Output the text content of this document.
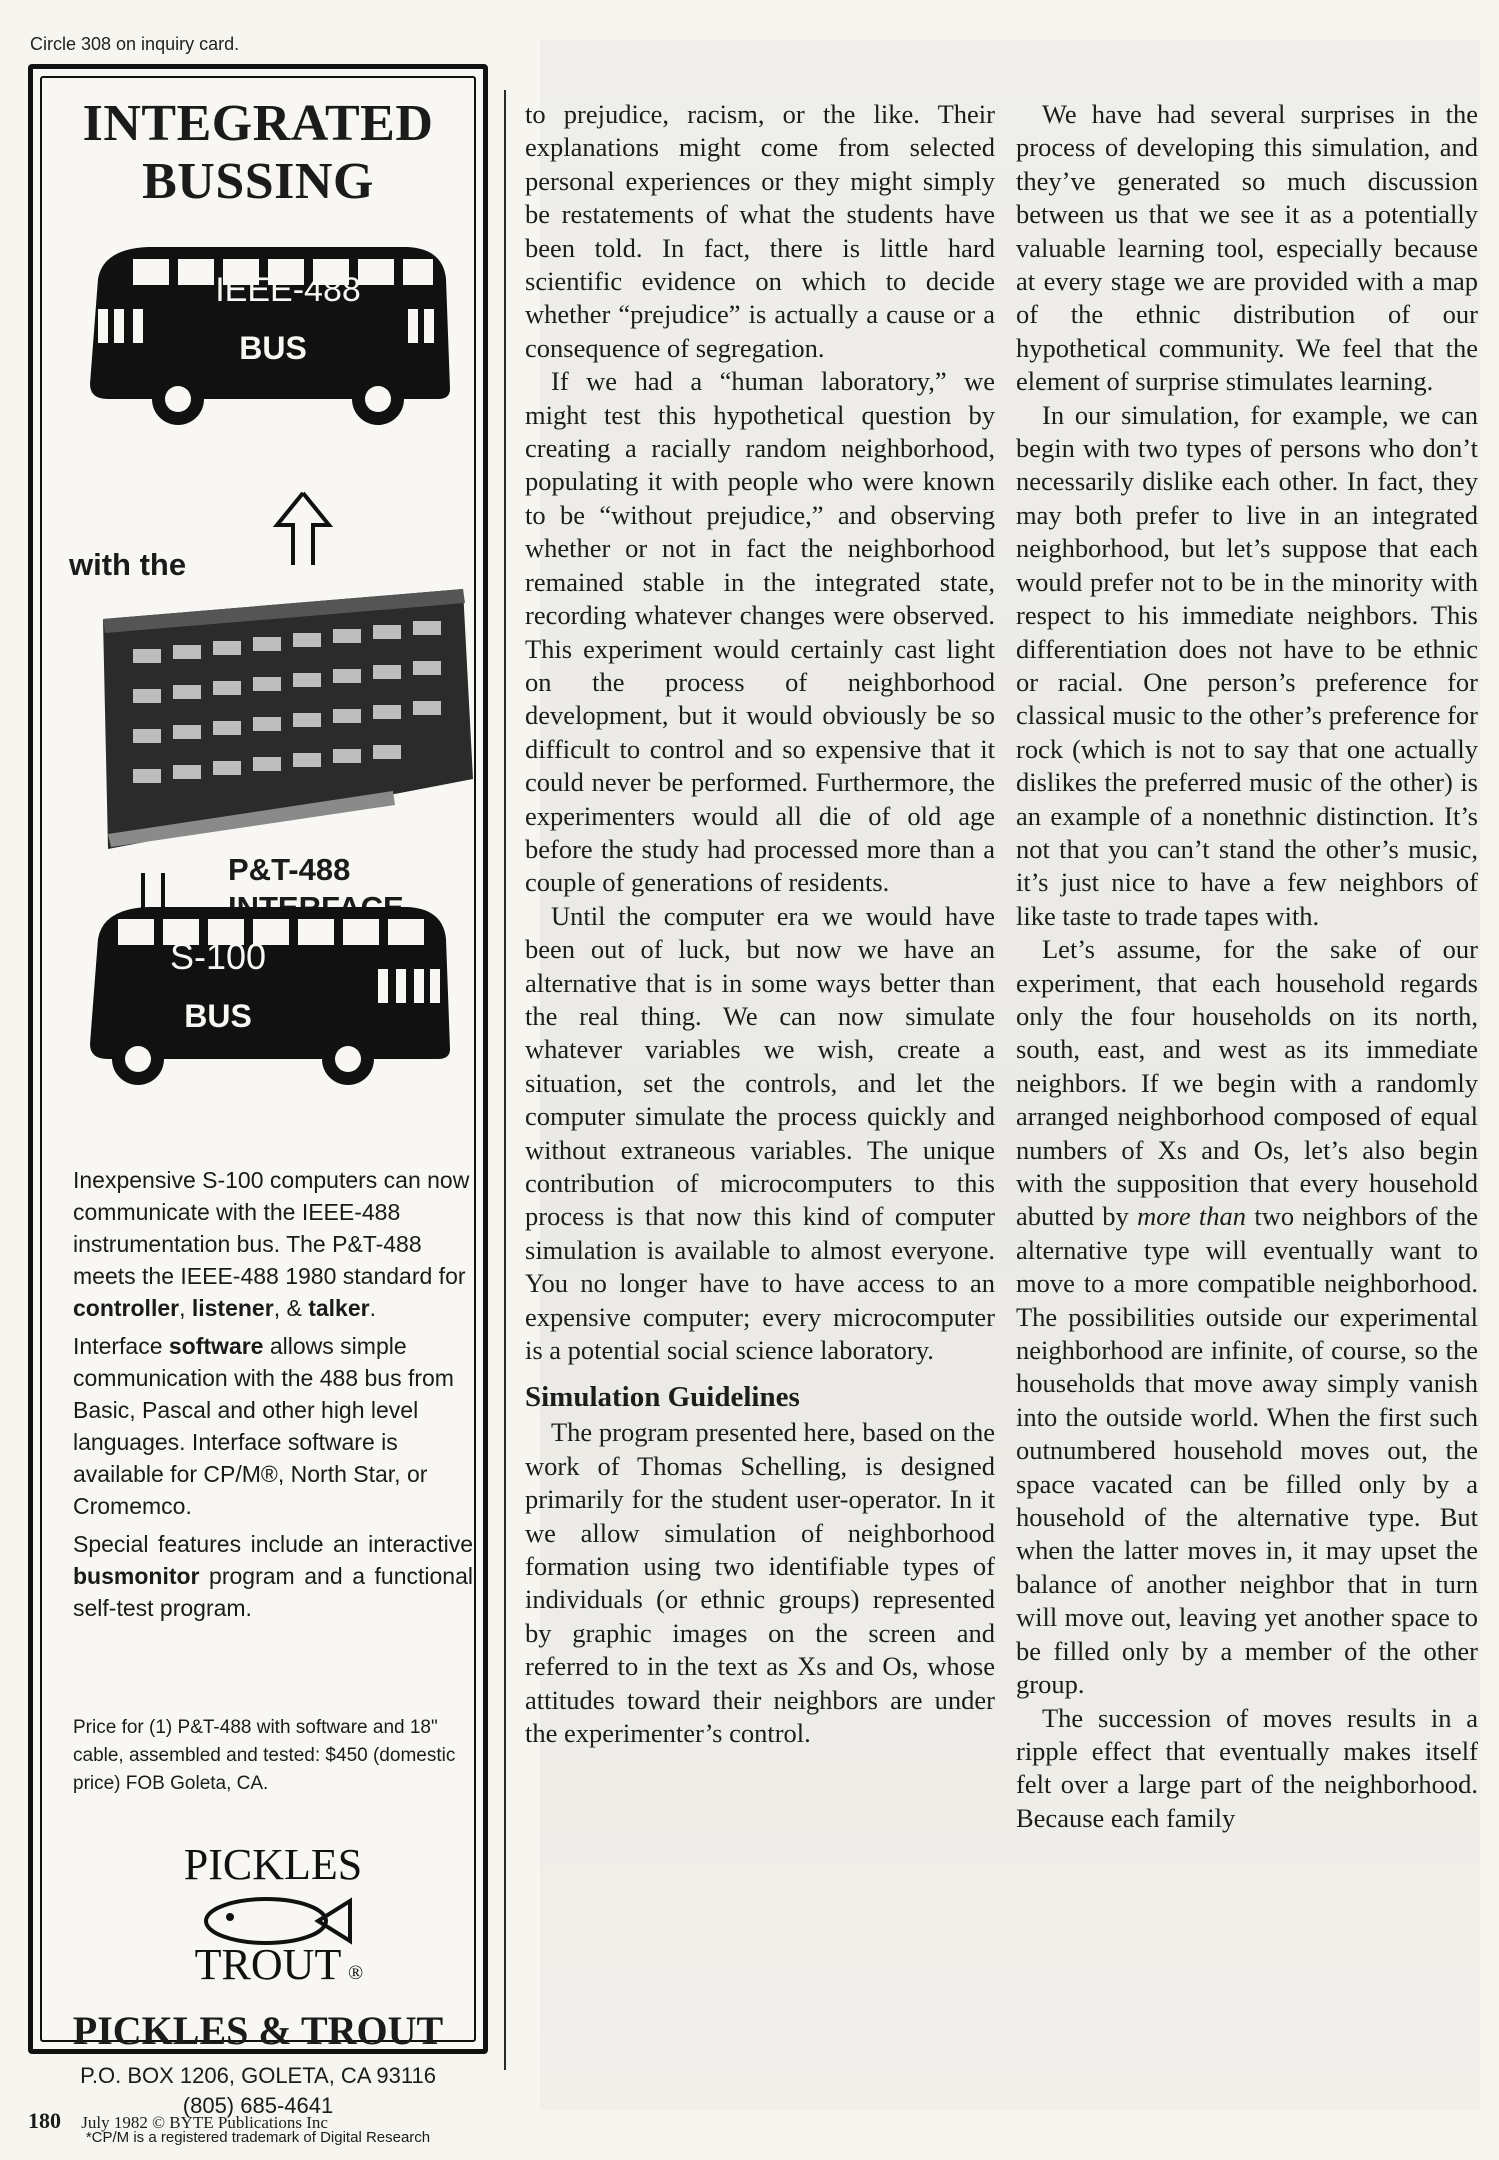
Circle 308 on inquiry card.
INTEGRATED
BUSSING
IEEE-488
BUS
with the
P&T-488
S-100
BUS

Inexpensive S-100 computers can now communicate with the IEEE-488 instrumentation bus. The P&T-488 meets the IEEE-488 1980 standard for controller, listener, & talker.

Interface software allows simple communication with the 488 bus from Basic, Pascal and other high level languages. Interface software is available for CP/M®, North Star, or Cromemco.

Special features include an interactive busmonitor program and a functional self-test program.

Price for (1) P&T-488 with software and 18" cable, assembled and tested: $450 (domestic price) FOB Goleta, CA.
PICKLES
TROUT ®
PICKLES & TROUT
P.O. BOX 1206, GOLETA, CA 93116
(805) 685-4641
*CP/M is a registered trademark of Digital Research

to prejudice, racism, or the like. Their explanations might come from selected personal experiences or they might simply be restatements of what the students have been told. In fact, there is little hard scientific evidence on which to decide whether “prejudice” is actually a cause or a consequence of segregation.

If we had a “human laboratory,” we might test this hypothetical question by creating a racially random neighborhood, populating it with people who were known to be “without prejudice,” and observing whether or not in fact the neighborhood remained stable in the integrated state, recording whatever changes were observed. This experiment would certainly cast light on the process of neighborhood development, but it would obviously be so difficult to control and so expensive that it could never be performed. Furthermore, the experimenters would all die of old age before the study had processed more than a couple of generations of residents.

Until the computer era we would have been out of luck, but now we have an alternative that is in some ways better than the real thing. We can now simulate whatever variables we wish, create a situation, set the controls, and let the computer simulate the process quickly and without extraneous variables. The unique contribution of microcomputers to this process is that now this kind of computer simulation is available to almost everyone. You no longer have to have access to an expensive computer; every microcomputer is a potential social science laboratory.

Simulation Guidelines

The program presented here, based on the work of Thomas Schelling, is designed primarily for the student user-operator. In it we allow simulation of neighborhood formation using two identifiable types of individuals (or ethnic groups) represented by graphic images on the screen and referred to in the text as Xs and Os, whose attitudes toward their neighbors are under the experimenter’s control.

We have had several surprises in the process of developing this simulation, and they’ve generated so much discussion between us that we see it as a potentially valuable learning tool, especially because at every stage we are provided with a map of the ethnic distribution of our hypothetical community. We feel that the element of surprise stimulates learning.

In our simulation, for example, we can begin with two types of persons who don’t necessarily dislike each other. In fact, they may both prefer to live in an integrated neighborhood, but let’s suppose that each would prefer not to be in the minority with respect to his immediate neighbors. This differentiation does not have to be ethnic or racial. One person’s preference for classical music to the other’s preference for rock (which is not to say that one actually dislikes the preferred music of the other) is an example of a nonethnic distinction. It’s not that you can’t stand the other’s music, it’s just nice to have a few neighbors of like taste to trade tapes with.

Let’s assume, for the sake of our experiment, that each household regards only the four households on its north, south, east, and west as its immediate neighbors. If we begin with a randomly arranged neighborhood composed of equal numbers of Xs and Os, let’s also begin with the supposition that every household abutted by more than two neighbors of the alternative type will eventually want to move to a more compatible neighborhood. The possibilities outside our experimental neighborhood are infinite, of course, so the households that move away simply vanish into the outside world. When the first such outnumbered household moves out, the space vacated can be filled only by a household of the alternative type. But when the latter moves in, it may upset the balance of another neighbor that in turn will move out, leaving yet another space to be filled only by a member of the other group.

The succession of moves results in a ripple effect that eventually makes itself felt over a large part of the neighborhood. Because each family

180 July 1982 © BYTE Publications Inc
